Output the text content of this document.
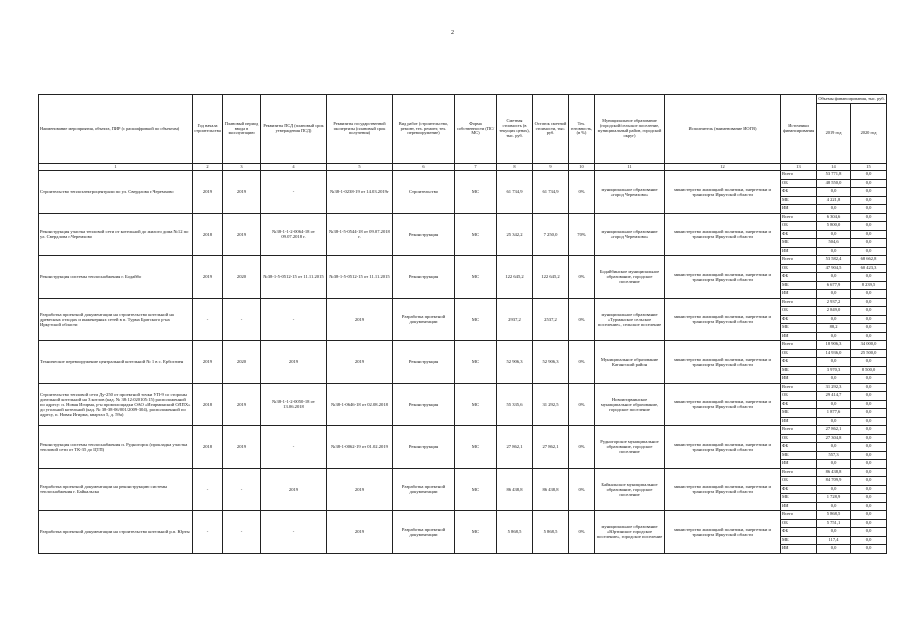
2
Наименование мероприятия, объекта, ПИР (с расшифровкой по объектам)	Год начала строительства	Плановый период ввода в эксплуатацию	Реквизиты ПСД (плановый срок утверждения ПСД)	Реквизиты государственной экспертизы (плановый срок получения)	Вид работ (строительство, ремонт, тех. ремонт, тех. перевооружение)	Форма собственности (ПС/МС)	Сметная стоимость (в текущих ценах), тыс. руб.	Остаток сметной стоимости, тыс. руб.	Тех. готовность, (в %)	Муниципальное образование (городской/сельское поселение, муниципальный район, городской округ)	Исполнитель (наименование ИОГВ)	Источники финансирования	Объемы финансирования, тыс. руб.	
													2019 год	2020 год
1	2	3	4	5	6	7	8	9	10	11	12	13	14	15
Строительство теплоэлектроцентрали по ул. Свердлова г.Черемхово	2019	2019	-	№38-1-0238-19 от 14.03.2019г	Строительство	МС	61 734,9	61 734,9	0%	муниципальное образование «город Черемхово»	министерство жилищной политики, энергетики и транспорта Иркутской области	Всего	53 771,8	0,0
												ОБ	48 550,0	0,0
												ФБ	0,0	0,0
												МБ	4 221,8	0,0
												ИИ	0,0	0,0
Реконструкция участка тепловой сети от котельной до жилого дома №12 по ул. Свердлова г.Черемхово	2018	2019	№38-1-1-2-0064-18 от 09.07.2018 г.	№38-1-5-0544-18 от 09.07.2018 г.	Реконструкция	МС	25 342,2	7 250,0	70%	муниципальное образование «город Черемхово»	министерство жилищной политики, энергетики и транспорта Иркутской области	Всего	6 304,6	0,0
												ОБ	5 800,0	0,0
												ФБ	0,0	0,0
												МБ	504,6	0,0
												ИИ	0,0	0,0
Реконструкция системы теплоснабжения г. Бодайбо	2019	2020	№38-1-5-0512-15 от 11.11.2015	№38-1-5-0512-15 от 11.11.2015	Реконструкция	МС	122 645,2	122 645,2	0%	Бодайбинское муниципальное образование, городское поселение	министерство жилищной политики, энергетики и транспорта Иркутской области	Всего	53 582,4	68 662,8
												ОБ	47 904,5	60 423,3
												ФБ	0,0	0,0
												МБ	6 677,9	8 239,5
												ИИ	0,0	0,0
Разработка проектной документации на строительство котельной на древесных отходах и инженерных сетей в п. Турма Братского р-на Иркутской области	-	-	-	2019	Разработка проектной документации	МС	2937,2	2537,2	0%	муниципальное образование «Турманское сельское поселение», сельское поселение	министерство жилищной политики, энергетики и транспорта Иркутской области	Всего	2 937,2	0,0
												ОБ	2 849,0	0,0
												ФБ	0,0	0,0
												МБ	88,2	0,0
												ИИ	0,0	0,0
Техническое перевооружение центральной котельной № 1 в с. Ербогачен	2019	2020	2019	2019	Реконструкция	МС	52 906,3	52 906,3	0%	Муниципальное образование Катангский район	министерство жилищной политики, энергетики и транспорта Иркутской области	Всего	18 906,3	34 000,0
												ОБ	14 936,0	25 500,0
												ФБ	0,0	0,0
												МБ	3 970,3	8 500,0
												ИИ	0,0	0,0
Строительство тепловой сети Ду-250 от проектной точки УП-9 со стороны дизельной котельной на 3 котлов (кад. № 38:12:020105:15) расположенной по адресу: п. Новая Игирма, р-н промплощадки ОАО «Игирминский ОЛПХ» до угольной котельной (кад. № 38-38-06/001/2009-304), расположенной по адресу, п. Новая Игирма, квартал 5, д. 59а)	2018	2019	№38-1-1-2-0050-18 от 13.06.2018	№38-1-0646-18 от 02.08.2018	Реконструкция	МС	55 335,6	31 292,5	0%	Новоигирминское муниципальное образование, городское поселение	министерство жилищной политики, энергетики и транспорта Иркутской области	Всего	31 292,3	0,0
												ОБ	29 414,7	0,0
												ФБ	0,0	0,0
												МБ	1 877,6	0,0
												ИИ	0,0	0,0
Реконструкция системы теплоснабжения п. Рудногорск (прокладка участка тепловой сети от ТК-35 до ЦТП)	2018	2019	-	№38-1-0062-19 от 01.02.2019	Реконструкция	МС	27 862,1	27 862,1	0%	Рудногорское муниципальное образование, городское поселение	министерство жилищной политики, энергетики и транспорта Иркутской области	Всего	27 862,1	0,0
												ОБ	27 304,8	0,0
												ФБ	0,0	0,0
												МБ	557,3	0,0
												ИИ	0,0	0,0
Разработка проектной документации на реконструкцию системы теплоснабжения г. Байкальска	-	-	2019	2019	Разработка проектной документации	МС	86 438,8	86 438,8	0%	Байкальское муниципальное образование, городское поселение	министерство жилищной политики, энергетики и транспорта Иркутской области	Всего	86 438,8	0,0
												ОБ	84 709,9	0,0
												ФБ	0,0	0,0
												МБ	1 728,9	0,0
												ИИ	0,0	0,0
Разработка проектной документации на строительство котельной р.п. Юрты	-	-	-	2019	Разработка проектной документации	МС	5 868,5	5 868,5	0%	муниципальное образование «Юртинское городское поселение», городское поселение	министерство жилищной политики, энергетики и транспорта Иркутской области	Всего	5 868,5	0,0
												ОБ	5 751,1	0,0
												ФБ	0,0	0,0
												МБ	117,4	0,0
												ИИ	0,0	0,0
